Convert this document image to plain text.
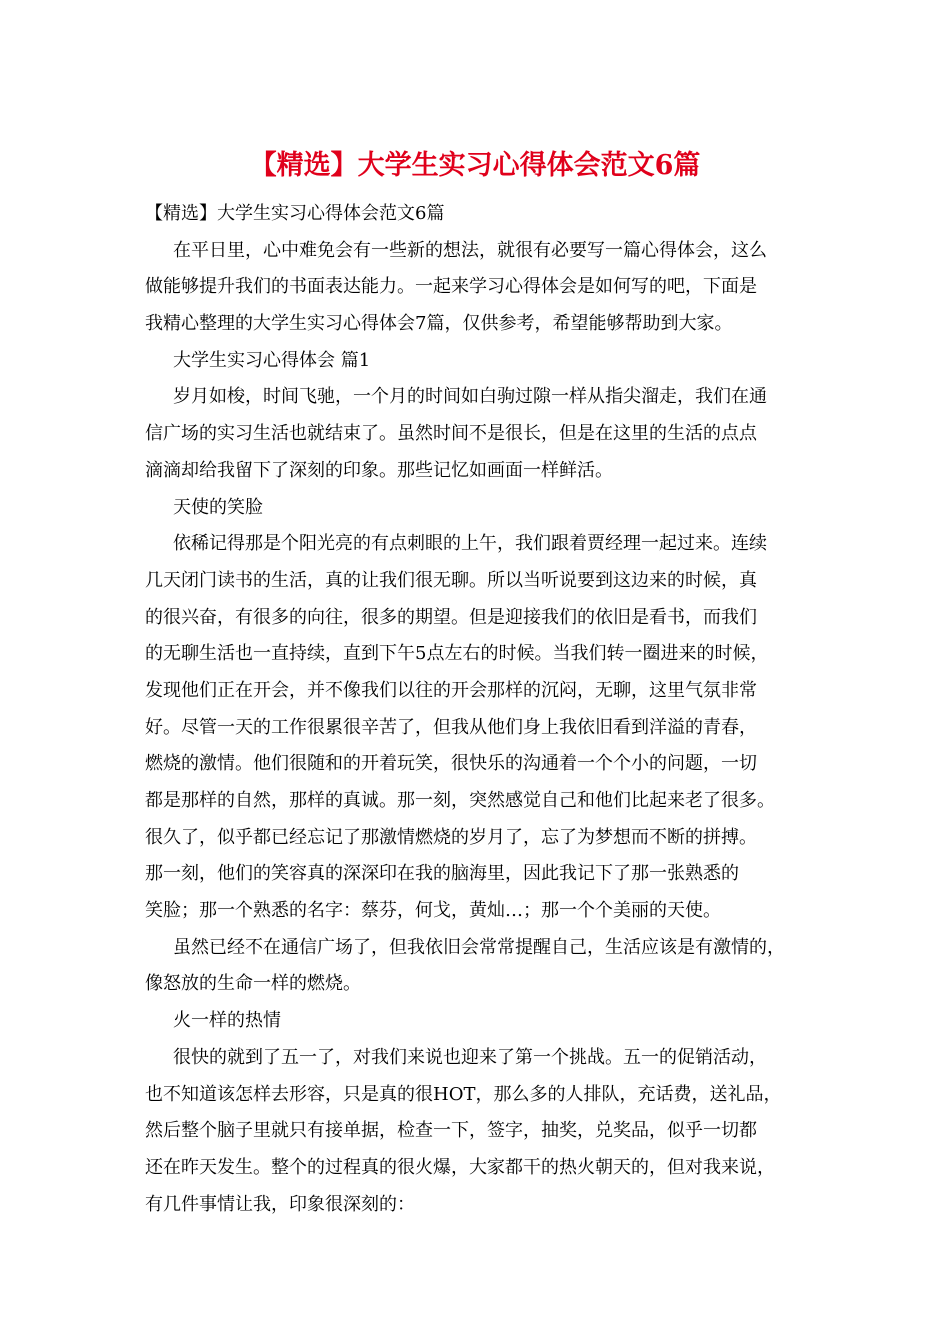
【精选】大学生实习心得体会范文6篇
【精选】大学生实习心得体会范文6篇
在平日里，心中难免会有一些新的想法，就很有必要写一篇心得体会，这么
做能够提升我们的书面表达能力。一起来学习心得体会是如何写的吧，下面是
我精心整理的大学生实习心得体会7篇，仅供参考，希望能够帮助到大家。
大学生实习心得体会 篇1
岁月如梭，时间飞驰，一个月的时间如白驹过隙一样从指尖溜走，我们在通
信广场的实习生活也就结束了。虽然时间不是很长，但是在这里的生活的点点
滴滴却给我留下了深刻的印象。那些记忆如画面一样鲜活。
天使的笑脸
依稀记得那是个阳光亮的有点刺眼的上午，我们跟着贾经理一起过来。连续
几天闭门读书的生活，真的让我们很无聊。所以当听说要到这边来的时候，真
的很兴奋，有很多的向往，很多的期望。但是迎接我们的依旧是看书，而我们
的无聊生活也一直持续，直到下午5点左右的时候。当我们转一圈进来的时候，
发现他们正在开会，并不像我们以往的开会那样的沉闷，无聊，这里气氛非常
好。尽管一天的工作很累很辛苦了，但我从他们身上我依旧看到洋溢的青春，
燃烧的激情。他们很随和的开着玩笑，很快乐的沟通着一个个小的问题，一切
都是那样的自然，那样的真诚。那一刻，突然感觉自己和他们比起来老了很多。
很久了，似乎都已经忘记了那激情燃烧的岁月了，忘了为梦想而不断的拼搏。
那一刻，他们的笑容真的深深印在我的脑海里，因此我记下了那一张熟悉的
笑脸；那一个熟悉的名字：蔡芬，何戈，黄灿…；那一个个美丽的天使。
虽然已经不在通信广场了，但我依旧会常常提醒自己，生活应该是有激情的，
像怒放的生命一样的燃烧。
火一样的热情
很快的就到了五一了，对我们来说也迎来了第一个挑战。五一的促销活动，
也不知道该怎样去形容，只是真的很HOT，那么多的人排队，充话费，送礼品，
然后整个脑子里就只有接单据，检查一下，签字，抽奖，兑奖品，似乎一切都
还在昨天发生。整个的过程真的很火爆，大家都干的热火朝天的，但对我来说，
有几件事情让我，印象很深刻的：
